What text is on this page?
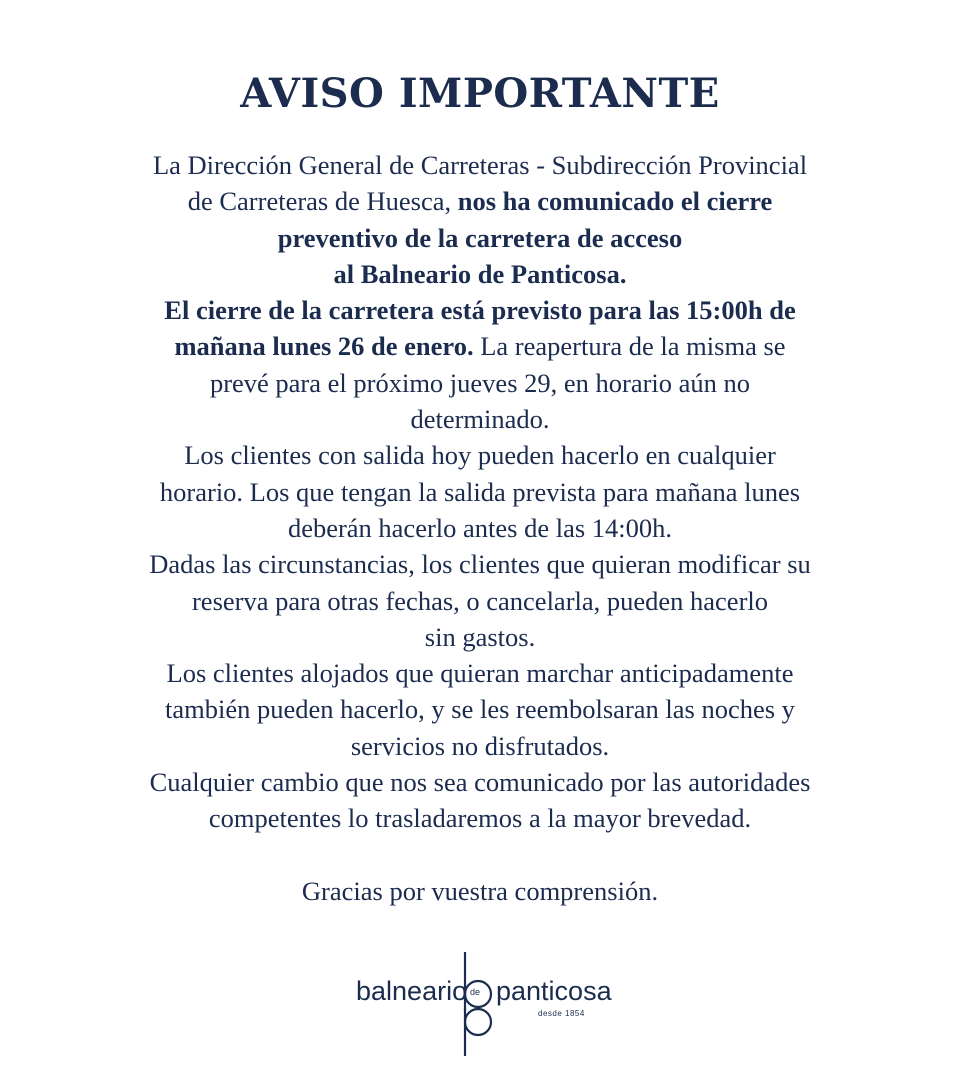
AVISO IMPORTANTE
La Dirección General de Carreteras - Subdirección Provincial
de Carreteras de Huesca, nos ha comunicado el cierre
preventivo de la carretera de acceso
al Balneario de Panticosa.
El cierre de la carretera está previsto para las 15:00h de
mañana lunes 26 de enero. La reapertura de la misma se
prevé para el próximo jueves 29, en horario aún no
determinado.
Los clientes con salida hoy pueden hacerlo en cualquier
horario. Los que tengan la salida prevista para mañana lunes
deberán hacerlo antes de las 14:00h.
Dadas las circunstancias, los clientes que quieran modificar su
reserva para otras fechas, o cancelarla, pueden hacerlo
sin gastos.
Los clientes alojados que quieran marchar anticipadamente
también pueden hacerlo, y se les reembolsaran las noches y
servicios no disfrutados.
Cualquier cambio que nos sea comunicado por las autoridades
competentes lo trasladaremos a la mayor brevedad.
Gracias por vuestra comprensión.
balneario de panticosa
desde 1854
